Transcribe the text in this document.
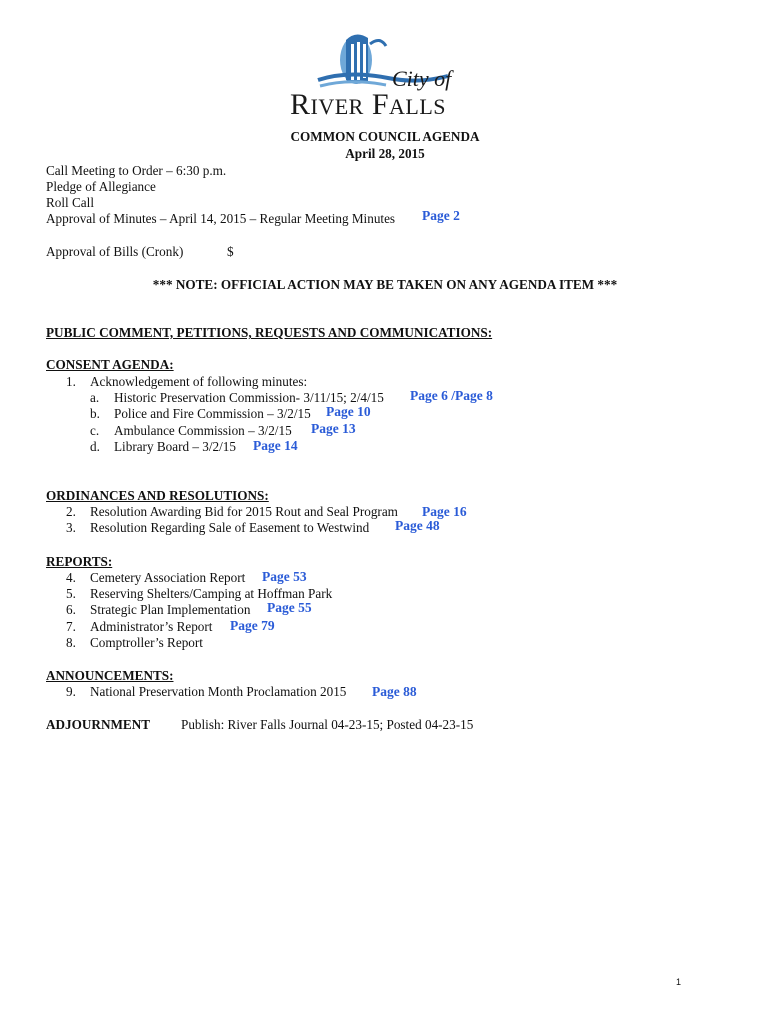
City of
RIVER FALLS
COMMON COUNCIL AGENDA
April 28, 2015
Call Meeting to Order – 6:30 p.m.
Pledge of Allegiance
Roll Call
Approval of Minutes – April 14, 2015 – Regular Meeting Minutes Page 2
Approval of Bills (Cronk)	$
*** NOTE: OFFICIAL ACTION MAY BE TAKEN ON ANY AGENDA ITEM ***
PUBLIC COMMENT, PETITIONS, REQUESTS AND COMMUNICATIONS:
CONSENT AGENDA:
1. Acknowledgement of following minutes:
a. Historic Preservation Commission- 3/11/15; 2/4/15 Page 6 /Page 8
b. Police and Fire Commission – 3/2/15 Page 10
c. Ambulance Commission – 3/2/15 Page 13
d. Library Board – 3/2/15 Page 14
ORDINANCES AND RESOLUTIONS:
2. Resolution Awarding Bid for 2015 Rout and Seal Program Page 16
3. Resolution Regarding Sale of Easement to Westwind Page 48
REPORTS:
4. Cemetery Association Report Page 53
5. Reserving Shelters/Camping at Hoffman Park
6. Strategic Plan Implementation Page 55
7. Administrator’s Report Page 79
8. Comptroller’s Report
ANNOUNCEMENTS:
9. National Preservation Month Proclamation 2015 Page 88
ADJOURNMENT Publish: River Falls Journal 04-23-15; Posted 04-23-15
1
